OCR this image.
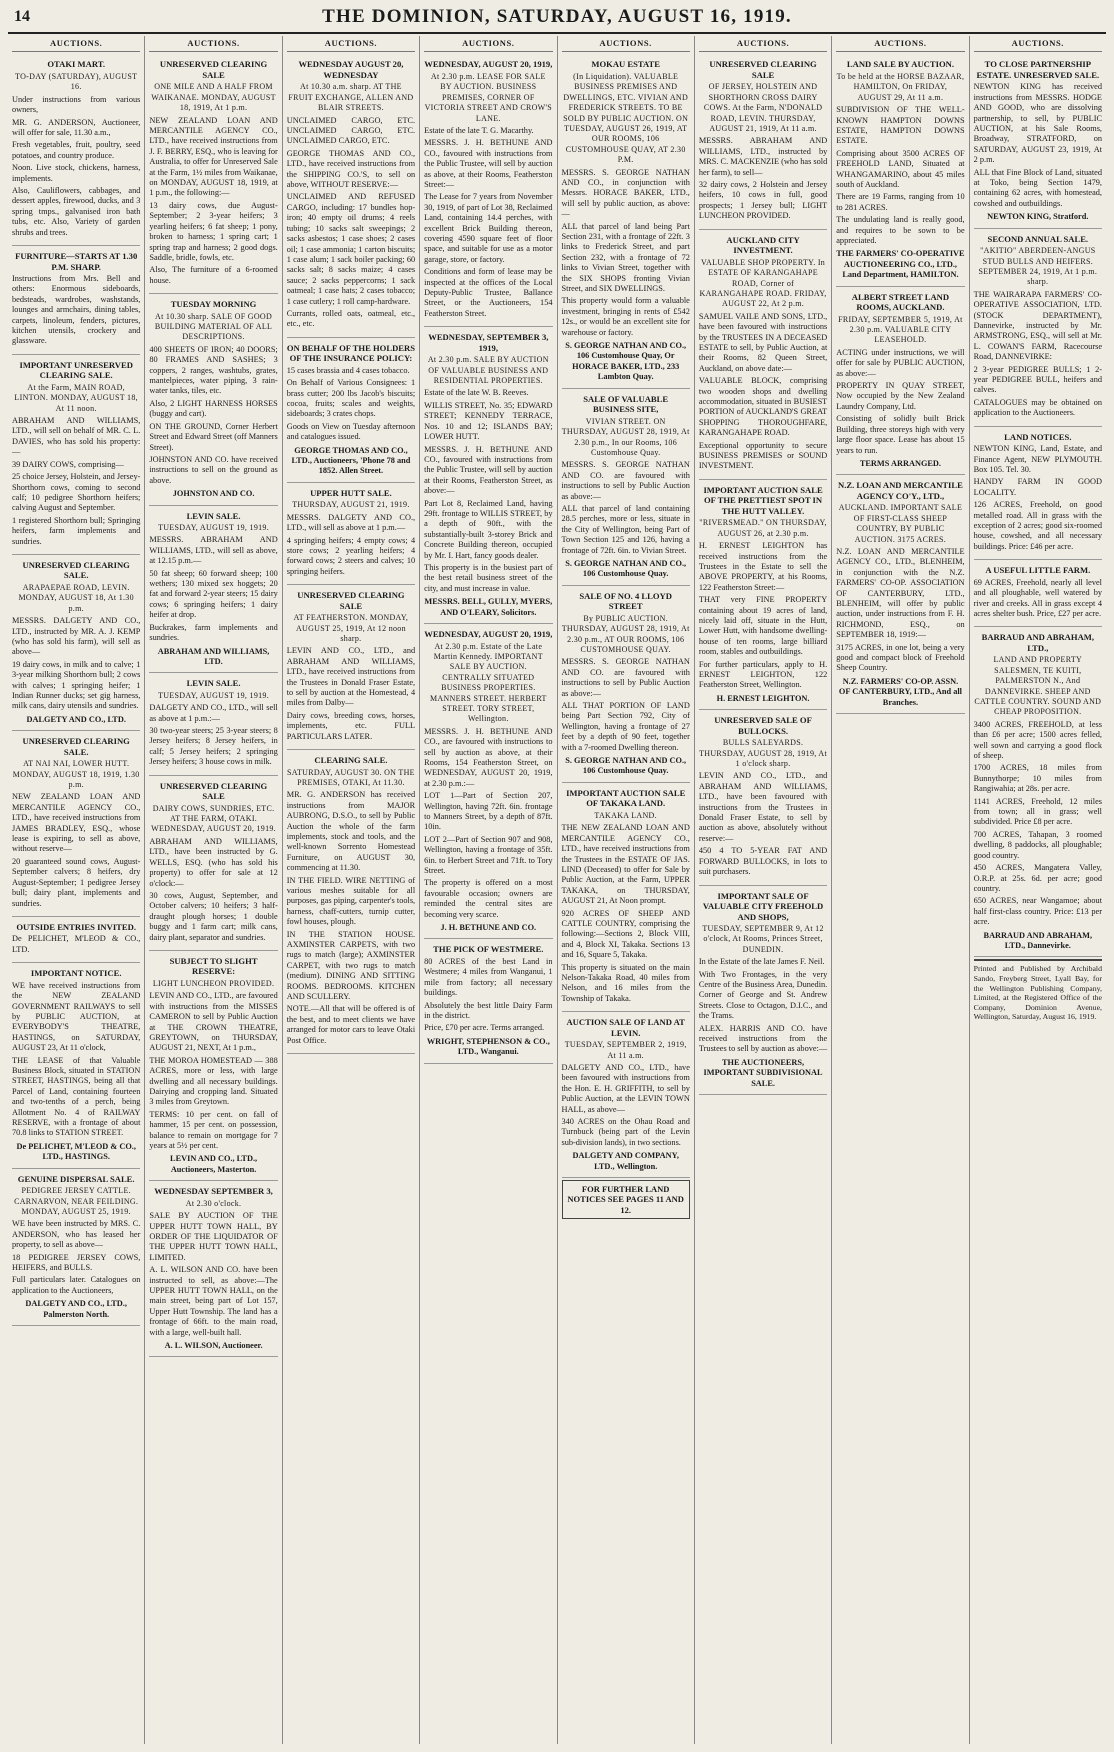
14	THE DOMINION, SATURDAY, AUGUST 16, 1919.
AUCTIONS.
OTAKI MART.
TO-DAY (SATURDAY), AUGUST 16.

Under instructions from various owners,

MR. G. ANDERSON, Auctioneer, will offer for sale, 11.30 a.m.,

Fresh vegetables, fruit, poultry, seed potatoes, and country produce.

Noon. Live stock, chickens, harness, implements.

Also, Cauliflowers, cabbages, and dessert apples, firewood, ducks, and 3 spring tmps., galvanised iron bath tubs, etc. Also, Variety of garden shrubs and trees.

FURNITURE—STARTS AT 1.30 P.M. SHARP.

Instructions from Mrs. Bell and others: Enormous sideboards, bedsteads, wardrobes, washstands, lounges and armchairs, dining tables, carpets, linoleum, fenders, pictures, kitchen utensils, crockery and glassware.

IMPORTANT UNRESERVED CLEARING SALE.
At the Farm, MAIN ROAD, LINTON. MONDAY, AUGUST 18, At 11 noon.

ABRAHAM AND WILLIAMS, LTD., will sell on behalf of MR. C. L. DAVIES, who has sold his property:—

39 DAIRY COWS, comprising—

25 choice Jersey, Holstein, and Jersey-Shorthorn cows, coming to second calf; 10 pedigree Shorthorn heifers; calving August and September.

1 registered Shorthorn bull; Springing heifers, farm implements and sundries.

UNRESERVED CLEARING SALE.
ARAPAEPAE ROAD, LEVIN. MONDAY, AUGUST 18, At 1.30 p.m.

MESSRS. DALGETY AND CO., LTD., instructed by MR. A. J. KEMP (who has sold his farm), will sell as above—

19 dairy cows, in milk and to calve; 1 3-year milking Shorthorn bull; 2 cows with calves; 1 springing heifer; 1 Indian Runner ducks; set gig harness, milk cans, dairy utensils and sundries.

DALGETY AND CO., LTD.
UNRESERVED CLEARING SALE.
AT NAI NAI, LOWER HUTT. MONDAY, AUGUST 18, 1919, 1.30 p.m.

NEW ZEALAND LOAN AND MERCANTILE AGENCY CO., LTD., have received instructions from JAMES BRADLEY, ESQ., whose lease is expiring, to sell as above, without reserve—

20 guaranteed sound cows, August-September calvers; 8 heifers, dry August-September; 1 pedigree Jersey bull; dairy plant, implements and sundries.

OUTSIDE ENTRIES INVITED.

De PELICHET, M'LEOD & CO., LTD.

IMPORTANT NOTICE.

WE have received instructions from the NEW ZEALAND GOVERNMENT RAILWAYS to sell by PUBLIC AUCTION, at EVERYBODY'S THEATRE, HASTINGS, on SATURDAY, AUGUST 23, At 11 o'clock,

THE LEASE of that Valuable Business Block, situated in STATION STREET, HASTINGS, being all that Parcel of Land, containing fourteen and two-tenths of a perch, being Allotment No. 4 of RAILWAY RESERVE, with a frontage of about 70.8 links to STATION STREET.

De PELICHET, M'LEOD & CO., LTD., HASTINGS.
GENUINE DISPERSAL SALE.
PEDIGREE JERSEY CATTLE. CARNARVON, NEAR FEILDING. MONDAY, AUGUST 25, 1919.

WE have been instructed by MRS. C. ANDERSON, who has leased her property, to sell as above—

18 PEDIGREE JERSEY COWS, HEIFERS, and BULLS.

Full particulars later. Catalogues on application to the Auctioneers,

DALGETY AND CO., LTD., Palmerston North.
AUCTIONS.
UNRESERVED CLEARING SALE
ONE MILE AND A HALF FROM WAIKANAE. MONDAY, AUGUST 18, 1919, At 1 p.m.

NEW ZEALAND LOAN AND MERCANTILE AGENCY CO., LTD., have received instructions from J. F. BERRY, ESQ., who is leaving for Australia, to offer for Unreserved Sale at the Farm, 1½ miles from Waikanae, on MONDAY, AUGUST 18, 1919, at 1 p.m., the following:—

13 dairy cows, due August-September; 2 3-year heifers; 3 yearling heifers; 6 fat sheep; 1 pony, broken to harness; 1 spring cart; 1 spring trap and harness; 2 good dogs. Saddle, bridle, fowls, etc.

Also, The furniture of a 6-roomed house.

TUESDAY MORNING
At 10.30 sharp. SALE OF GOOD BUILDING MATERIAL OF ALL DESCRIPTIONS.

400 SHEETS OF IRON; 40 DOORS; 80 FRAMES AND SASHES; 3 coppers, 2 ranges, washtubs, grates, mantelpieces, water piping, 3 rain-water tanks, tiles, etc.

Also, 2 LIGHT HARNESS HORSES (buggy and cart).

ON THE GROUND, Corner Herbert Street and Edward Street (off Manners Street).

JOHNSTON AND CO. have received instructions to sell on the ground as above.

JOHNSTON AND CO.
LEVIN SALE.
TUESDAY, AUGUST 19, 1919.

MESSRS. ABRAHAM AND WILLIAMS, LTD., will sell as above, at 12.15 p.m.—

50 fat sheep; 60 forward sheep; 100 wethers; 130 mixed sex hoggets; 20 fat and forward 2-year steers; 15 dairy cows; 6 springing heifers; 1 dairy heifer at drop.

Buckrakes, farm implements and sundries.

ABRAHAM AND WILLIAMS, LTD.
LEVIN SALE.
TUESDAY, AUGUST 19, 1919.

DALGETY AND CO., LTD., will sell as above at 1 p.m.:—

30 two-year steers; 25 3-year steers; 8 Jersey heifers; 8 Jersey heifers, in calf; 5 Jersey heifers; 2 springing Jersey heifers; 3 house cows in milk.

UNRESERVED CLEARING SALE
DAIRY COWS, SUNDRIES, ETC. AT THE FARM, OTAKI. WEDNESDAY, AUGUST 20, 1919.

ABRAHAM AND WILLIAMS, LTD., have been instructed by G. WELLS, ESQ. (who has sold his property) to offer for sale at 12 o'clock:—

30 cows, August, September, and October calvers; 10 heifers; 3 half-draught plough horses; 1 double buggy and 1 farm cart; milk cans, dairy plant, separator and sundries.

SUBJECT TO SLIGHT RESERVE:
LIGHT LUNCHEON PROVIDED.

LEVIN AND CO., LTD., are favoured with instructions from the MISSES CAMERON to sell by Public Auction at THE CROWN THEATRE, GREYTOWN, on THURSDAY, AUGUST 21, NEXT, At 1 p.m.,

THE MOROA HOMESTEAD — 388 ACRES, more or less, with large dwelling and all necessary buildings. Dairying and cropping land. Situated 3 miles from Greytown.

TERMS: 10 per cent. on fall of hammer, 15 per cent. on possession, balance to remain on mortgage for 7 years at 5½ per cent.

LEVIN AND CO., LTD., Auctioneers, Masterton.
WEDNESDAY SEPTEMBER 3,
At 2.30 o'clock.

SALE BY AUCTION OF THE UPPER HUTT TOWN HALL, BY ORDER OF THE LIQUIDATOR OF THE UPPER HUTT TOWN HALL, LIMITED.

A. L. WILSON AND CO. have been instructed to sell, as above:—The UPPER HUTT TOWN HALL, on the main street, being part of Lot 157, Upper Hutt Township. The land has a frontage of 66ft. to the main road, with a large, well-built hall.

A. L. WILSON, Auctioneer.
AUCTIONS.
WEDNESDAY AUGUST 20, WEDNESDAY
At 10.30 a.m. sharp. AT THE FRUIT EXCHANGE, ALLEN AND BLAIR STREETS.

UNCLAIMED CARGO, ETC. UNCLAIMED CARGO, ETC. UNCLAIMED CARGO, ETC.

GEORGE THOMAS AND CO., LTD., have received instructions from the SHIPPING CO.'S, to sell on above, WITHOUT RESERVE:—

UNCLAIMED AND REFUSED CARGO, including: 17 bundles hop-iron; 40 empty oil drums; 4 reels tubing; 10 sacks salt sweepings; 2 sacks asbestos; 1 case shoes; 2 cases oil; 1 case ammonia; 1 carton biscuits; 1 case alum; 1 sack boiler packing; 60 sacks salt; 8 sacks maize; 4 cases sauce; 2 sacks peppercorns; 1 sack oatmeal; 1 case hats; 2 cases tobacco; 1 case cutlery; 1 roll camp-hardware.

Currants, rolled oats, oatmeal, etc., etc., etc.

ON BEHALF OF THE HOLDERS OF THE INSURANCE POLICY:

15 cases brassia and 4 cases tobacco.

On Behalf of Various Consignees: 1 brass cutter; 200 lbs Jacob's biscuits; cocoa, fruits; scales and weights, sideboards; 3 crates chops.

Goods on View on Tuesday afternoon and catalogues issued.

GEORGE THOMAS AND CO., LTD., Auctioneers, 'Phone 78 and 1852. Allen Street.
UPPER HUTT SALE.
THURSDAY, AUGUST 21, 1919.

MESSRS. DALGETY AND CO., LTD., will sell as above at 1 p.m.—

4 springing heifers; 4 empty cows; 4 store cows; 2 yearling heifers; 4 forward cows; 2 steers and calves; 10 springing heifers.

UNRESERVED CLEARING SALE
AT FEATHERSTON. MONDAY, AUGUST 25, 1919, At 12 noon sharp.

LEVIN AND CO., LTD., and ABRAHAM AND WILLIAMS, LTD., have received instructions from the Trustees in Donald Fraser Estate, to sell by auction at the Homestead, 4 miles from Dalby—

Dairy cows, breeding cows, horses, implements, etc. FULL PARTICULARS LATER.

CLEARING SALE.
SATURDAY, AUGUST 30. ON THE PREMISES, OTAKI, At 11.30.

MR. G. ANDERSON has received instructions from MAJOR AUBRONG, D.S.O., to sell by Public Auction the whole of the farm implements, stock and tools, and the well-known Sorrento Homestead Furniture, on AUGUST 30, commencing at 11.30.

IN THE FIELD. WIRE NETTING of various meshes suitable for all purposes, gas piping, carpenter's tools, harness, chaff-cutters, turnip cutter, fowl houses, plough.

IN THE STATION HOUSE. AXMINSTER CARPETS, with two rugs to match (large); AXMINSTER CARPET, with two rugs to match (medium). DINING AND SITTING ROOMS. BEDROOMS. KITCHEN AND SCULLERY.

NOTE.—All that will be offered is of the best, and to meet clients we have arranged for motor cars to leave Otaki Post Office.

AUCTIONS.
WEDNESDAY, AUGUST 20, 1919,
At 2.30 p.m. LEASE FOR SALE BY AUCTION. BUSINESS PREMISES, CORNER OF VICTORIA STREET AND CROW'S LANE.

Estate of the late T. G. Macarthy.

MESSRS. J. H. BETHUNE AND CO., favoured with instructions from the Public Trustee, will sell by auction as above, at their Rooms, Featherston Street:—

The Lease for 7 years from November 30, 1919, of part of Lot 38, Reclaimed Land, containing 14.4 perches, with excellent Brick Building thereon, covering 4590 square feet of floor space, and suitable for use as a motor garage, store, or factory.

Conditions and form of lease may be inspected at the offices of the Local Deputy-Public Trustee, Ballance Street, or the Auctioneers, 154 Featherston Street.

WEDNESDAY, SEPTEMBER 3, 1919,
At 2.30 p.m. SALE BY AUCTION OF VALUABLE BUSINESS AND RESIDENTIAL PROPERTIES.

Estate of the late W. B. Reeves.

WILLIS STREET, No. 35; EDWARD STREET; KENNEDY TERRACE, Nos. 10 and 12; ISLANDS BAY; LOWER HUTT.

MESSRS. J. H. BETHUNE AND CO., favoured with instructions from the Public Trustee, will sell by auction at their Rooms, Featherston Street, as above:—

Part Lot 8, Reclaimed Land, having 29ft. frontage to WILLIS STREET, by a depth of 90ft., with the substantially-built 3-storey Brick and Concrete Building thereon, occupied by Mr. I. Hart, fancy goods dealer.

This property is in the busiest part of the best retail business street of the city, and must increase in value.

MESSRS. BELL, GULLY, MYERS, AND O'LEARY, Solicitors.
WEDNESDAY, AUGUST 20, 1919,
At 2.30 p.m. Estate of the Late Martin Kennedy. IMPORTANT SALE BY AUCTION. CENTRALLY SITUATED BUSINESS PROPERTIES. MANNERS STREET. HERBERT STREET. TORY STREET, Wellington.

MESSRS. J. H. BETHUNE AND CO., are favoured with instructions to sell by auction as above, at their Rooms, 154 Featherston Street, on WEDNESDAY, AUGUST 20, 1919, at 2.30 p.m.:—

LOT 1—Part of Section 207, Wellington, having 72ft. 6in. frontage to Manners Street, by a depth of 87ft. 10in.

LOT 2—Part of Section 907 and 908, Wellington, having a frontage of 35ft. 6in. to Herbert Street and 71ft. to Tory Street.

The property is offered on a most favourable occasion; owners are reminded the central sites are becoming very scarce.

J. H. BETHUNE AND CO.
THE PICK OF WESTMERE.

80 ACRES of the best Land in Westmere; 4 miles from Wanganui, 1 mile from factory; all necessary buildings.

Absolutely the best little Dairy Farm in the district.

Price, £70 per acre. Terms arranged.

WRIGHT, STEPHENSON & CO., LTD., Wanganui.
AUCTIONS.
MOKAU ESTATE
(In Liquidation). VALUABLE BUSINESS PREMISES AND DWELLINGS, ETC. VIVIAN AND FREDERICK STREETS. TO BE SOLD BY PUBLIC AUCTION. ON TUESDAY, AUGUST 26, 1919, AT OUR ROOMS, 106 CUSTOMHOUSE QUAY, AT 2.30 P.M.

MESSRS. S. GEORGE NATHAN AND CO., in conjunction with Messrs. HORACE BAKER, LTD., will sell by public auction, as above:—

ALL that parcel of land being Part Section 231, with a frontage of 22ft. 3 links to Frederick Street, and part Section 232, with a frontage of 72 links to Vivian Street, together with the SIX SHOPS fronting Vivian Street, and SIX DWELLINGS.

This property would form a valuable investment, bringing in rents of £542 12s., or would be an excellent site for warehouse or factory.

S. GEORGE NATHAN AND CO., 106 Customhouse Quay, Or HORACE BAKER, LTD., 233 Lambton Quay.
SALE OF VALUABLE BUSINESS SITE,
VIVIAN STREET. ON THURSDAY, AUGUST 28, 1919, At 2.30 p.m., In our Rooms, 106 Customhouse Quay.

MESSRS. S. GEORGE NATHAN AND CO. are favoured with instructions to sell by Public Auction as above:—

ALL that parcel of land containing 28.5 perches, more or less, situate in the City of Wellington, being Part of Town Section 125 and 126, having a frontage of 72ft. 6in. to Vivian Street.

S. GEORGE NATHAN AND CO., 106 Customhouse Quay.
SALE OF NO. 4 LLOYD STREET
By PUBLIC AUCTION. THURSDAY, AUGUST 28, 1919, At 2.30 p.m., AT OUR ROOMS, 106 CUSTOMHOUSE QUAY.

MESSRS. S. GEORGE NATHAN AND CO. are favoured with instructions to sell by Public Auction as above:—

ALL THAT PORTION OF LAND being Part Section 792, City of Wellington, having a frontage of 27 feet by a depth of 90 feet, together with a 7-roomed Dwelling thereon.

S. GEORGE NATHAN AND CO., 106 Customhouse Quay.
IMPORTANT AUCTION SALE OF TAKAKA LAND.
TAKAKA LAND.

THE NEW ZEALAND LOAN AND MERCANTILE AGENCY CO., LTD., have received instructions from the Trustees in the ESTATE OF JAS. LIND (Deceased) to offer for Sale by Public Auction, at the Farm, UPPER TAKAKA, on THURSDAY, AUGUST 21, At Noon prompt.

920 ACRES OF SHEEP AND CATTLE COUNTRY, comprising the following:—Sections 2, Block VIII, and 4, Block XI, Takaka. Sections 13 and 16, Square 5, Takaka.

This property is situated on the main Nelson-Takaka Road, 40 miles from Nelson, and 16 miles from the Township of Takaka.

AUCTION SALE OF LAND AT LEVIN.
TUESDAY, SEPTEMBER 2, 1919, At 11 a.m.

DALGETY AND CO., LTD., have been favoured with instructions from the Hon. E. H. GRIFFITH, to sell by Public Auction, at the LEVIN TOWN HALL, as above—

340 ACRES on the Ohau Road and Turnbuck (being part of the Levin sub-division lands), in two sections.

DALGETY AND COMPANY, LTD., Wellington.
FOR FURTHER LAND NOTICES SEE PAGES 11 AND 12.
AUCTIONS.
UNRESERVED CLEARING SALE
OF JERSEY, HOLSTEIN AND SHORTHORN CROSS DAIRY COWS. At the Farm, N'DONALD ROAD, LEVIN. THURSDAY, AUGUST 21, 1919, At 11 a.m.

MESSRS. ABRAHAM AND WILLIAMS, LTD., instructed by MRS. C. MACKENZIE (who has sold her farm), to sell—

32 dairy cows, 2 Holstein and Jersey heifers, 10 cows in full, good prospects; 1 Jersey bull; LIGHT LUNCHEON PROVIDED.

AUCKLAND CITY INVESTMENT.
VALUABLE SHOP PROPERTY. In ESTATE OF KARANGAHAPE ROAD, Corner of KARANGAHAPE ROAD. FRIDAY, AUGUST 22, At 2 p.m.

SAMUEL VAILE AND SONS, LTD., have been favoured with instructions by the TRUSTEES IN A DECEASED ESTATE to sell, by Public Auction, at their Rooms, 82 Queen Street, Auckland, on above date:—

VALUABLE BLOCK, comprising two wooden shops and dwelling accommodation, situated in BUSIEST PORTION of AUCKLAND'S GREAT SHOPPING THOROUGHFARE, KARANGAHAPE ROAD.

Exceptional opportunity to secure BUSINESS PREMISES or SOUND INVESTMENT.

IMPORTANT AUCTION SALE OF THE PRETTIEST SPOT IN THE HUTT VALLEY.
"RIVERSMEAD." ON THURSDAY, AUGUST 26, at 2.30 p.m.

H. ERNEST LEIGHTON has received instructions from the Trustees in the Estate to sell the ABOVE PROPERTY, at his Rooms, 122 Featherston Street:—

THAT very FINE PROPERTY containing about 19 acres of land, nicely laid off, situate in the Hutt, Lower Hutt, with handsome dwelling-house of ten rooms, large billiard room, stables and outbuildings.

For further particulars, apply to H. ERNEST LEIGHTON, 122 Featherston Street, Wellington.

H. ERNEST LEIGHTON.
UNRESERVED SALE OF BULLOCKS.
BULLS SALEYARDS. THURSDAY, AUGUST 28, 1919, At 1 o'clock sharp.

LEVIN AND CO., LTD., and ABRAHAM AND WILLIAMS, LTD., have been favoured with instructions from the Trustees in Donald Fraser Estate, to sell by auction as above, absolutely without reserve:—

450 4 TO 5-YEAR FAT AND FORWARD BULLOCKS, in lots to suit purchasers.

IMPORTANT SALE OF VALUABLE CITY FREEHOLD AND SHOPS,
TUESDAY, SEPTEMBER 9, At 12 o'clock, At Rooms, Princes Street, DUNEDIN.

In the Estate of the late James F. Neil.

With Two Frontages, in the very Centre of the Business Area, Dunedin. Corner of George and St. Andrew Streets. Close to Octagon, D.I.C., and the Trams.

ALEX. HARRIS AND CO. have received instructions from the Trustees to sell by auction as above:—

THE AUCTIONEERS, IMPORTANT SUBDIVISIONAL SALE.
AUCTIONS.
LAND SALE BY AUCTION.
To be held at the HORSE BAZAAR, HAMILTON, On FRIDAY, AUGUST 29, At 11 a.m.

SUBDIVISION OF THE WELL-KNOWN HAMPTON DOWNS ESTATE, HAMPTON DOWNS ESTATE.

Comprising about 3500 ACRES OF FREEHOLD LAND, Situated at WHANGAMARINO, about 45 miles south of Auckland.

There are 19 Farms, ranging from 10 to 281 ACRES.

The undulating land is really good, and requires to be sown to be appreciated.

THE FARMERS' CO-OPERATIVE AUCTIONEERING CO., LTD., Land Department, HAMILTON.
ALBERT STREET LAND ROOMS, AUCKLAND.
FRIDAY, SEPTEMBER 5, 1919, At 2.30 p.m. VALUABLE CITY LEASEHOLD.

ACTING under instructions, we will offer for sale by PUBLIC AUCTION, as above:—

PROPERTY IN QUAY STREET, Now occupied by the New Zealand Laundry Company, Ltd.

Consisting of solidly built Brick Building, three storeys high with very large floor space. Lease has about 15 years to run.

TERMS ARRANGED.
N.Z. LOAN AND MERCANTILE AGENCY CO'Y., LTD.,
AUCKLAND. IMPORTANT SALE OF FIRST-CLASS SHEEP COUNTRY, BY PUBLIC AUCTION. 3175 ACRES.

N.Z. LOAN AND MERCANTILE AGENCY CO., LTD., BLENHEIM, in conjunction with the N.Z. FARMERS' CO-OP. ASSOCIATION OF CANTERBURY, LTD., BLENHEIM, will offer by public auction, under instructions from F. H. RICHMOND, ESQ., on SEPTEMBER 18, 1919:—

3175 ACRES, in one lot, being a very good and compact block of Freehold Sheep Country.

N.Z. FARMERS' CO-OP. ASSN. OF CANTERBURY, LTD., And all Branches.
AUCTIONS.
TO CLOSE PARTNERSHIP ESTATE. UNRESERVED SALE.

NEWTON KING has received instructions from MESSRS. HODGE AND GOOD, who are dissolving partnership, to sell, by PUBLIC AUCTION, at his Sale Rooms, Broadway, STRATFORD, on SATURDAY, AUGUST 23, 1919, At 2 p.m.

ALL that Fine Block of Land, situated at Toko, being Section 1479, containing 62 acres, with homestead, cowshed and outbuildings.

NEWTON KING, Stratford.
SECOND ANNUAL SALE.
"AKITIO" ABERDEEN-ANGUS STUD BULLS AND HEIFERS. SEPTEMBER 24, 1919, At 1 p.m. sharp.

THE WAIRARAPA FARMERS' CO-OPERATIVE ASSOCIATION, LTD. (STOCK DEPARTMENT), Dannevirke, instructed by Mr. ARMSTRONG, ESQ., will sell at Mr. L. COWAN'S FARM, Racecourse Road, DANNEVIRKE:

2 3-year PEDIGREE BULLS; 1 2-year PEDIGREE BULL, heifers and calves.

CATALOGUES may be obtained on application to the Auctioneers.

LAND NOTICES.

NEWTON KING, Land, Estate, and Finance Agent, NEW PLYMOUTH. Box 105. Tel. 30.

HANDY FARM IN GOOD LOCALITY.

126 ACRES, Freehold, on good metalled road. All in grass with the exception of 2 acres; good six-roomed house, cowshed, and all necessary buildings. Price: £46 per acre.

A USEFUL LITTLE FARM.

69 ACRES, Freehold, nearly all level and all ploughable, well watered by river and creeks. All in grass except 4 acres shelter bush. Price, £27 per acre.

BARRAUD AND ABRAHAM, LTD.,
LAND AND PROPERTY SALESMEN, TE KUITI, PALMERSTON N., And DANNEVIRKE. SHEEP AND CATTLE COUNTRY. SOUND AND CHEAP PROPOSITION.

3400 ACRES, FREEHOLD, at less than £6 per acre; 1500 acres felled, well sown and carrying a good flock of sheep.

1700 ACRES, 18 miles from Bunnythorpe; 10 miles from Rangiwahia; at 28s. per acre.

1141 ACRES, Freehold, 12 miles from town; all in grass; well subdivided. Price £8 per acre.

700 ACRES, Tahapan, 3 roomed dwelling, 8 paddocks, all ploughable; good country.

450 ACRES, Mangatera Valley, O.R.P. at 25s. 6d. per acre; good country.

650 ACRES, near Wangamoe; about half first-class country. Price: £13 per acre.

BARRAUD AND ABRAHAM, LTD., Dannevirke.
Printed and Published by Archibald Sando, Freyberg Street, Lyall Bay, for the Wellington Publishing Company, Limited, at the Registered Office of the Company, Dominion Avenue, Wellington, Saturday, August 16, 1919.
